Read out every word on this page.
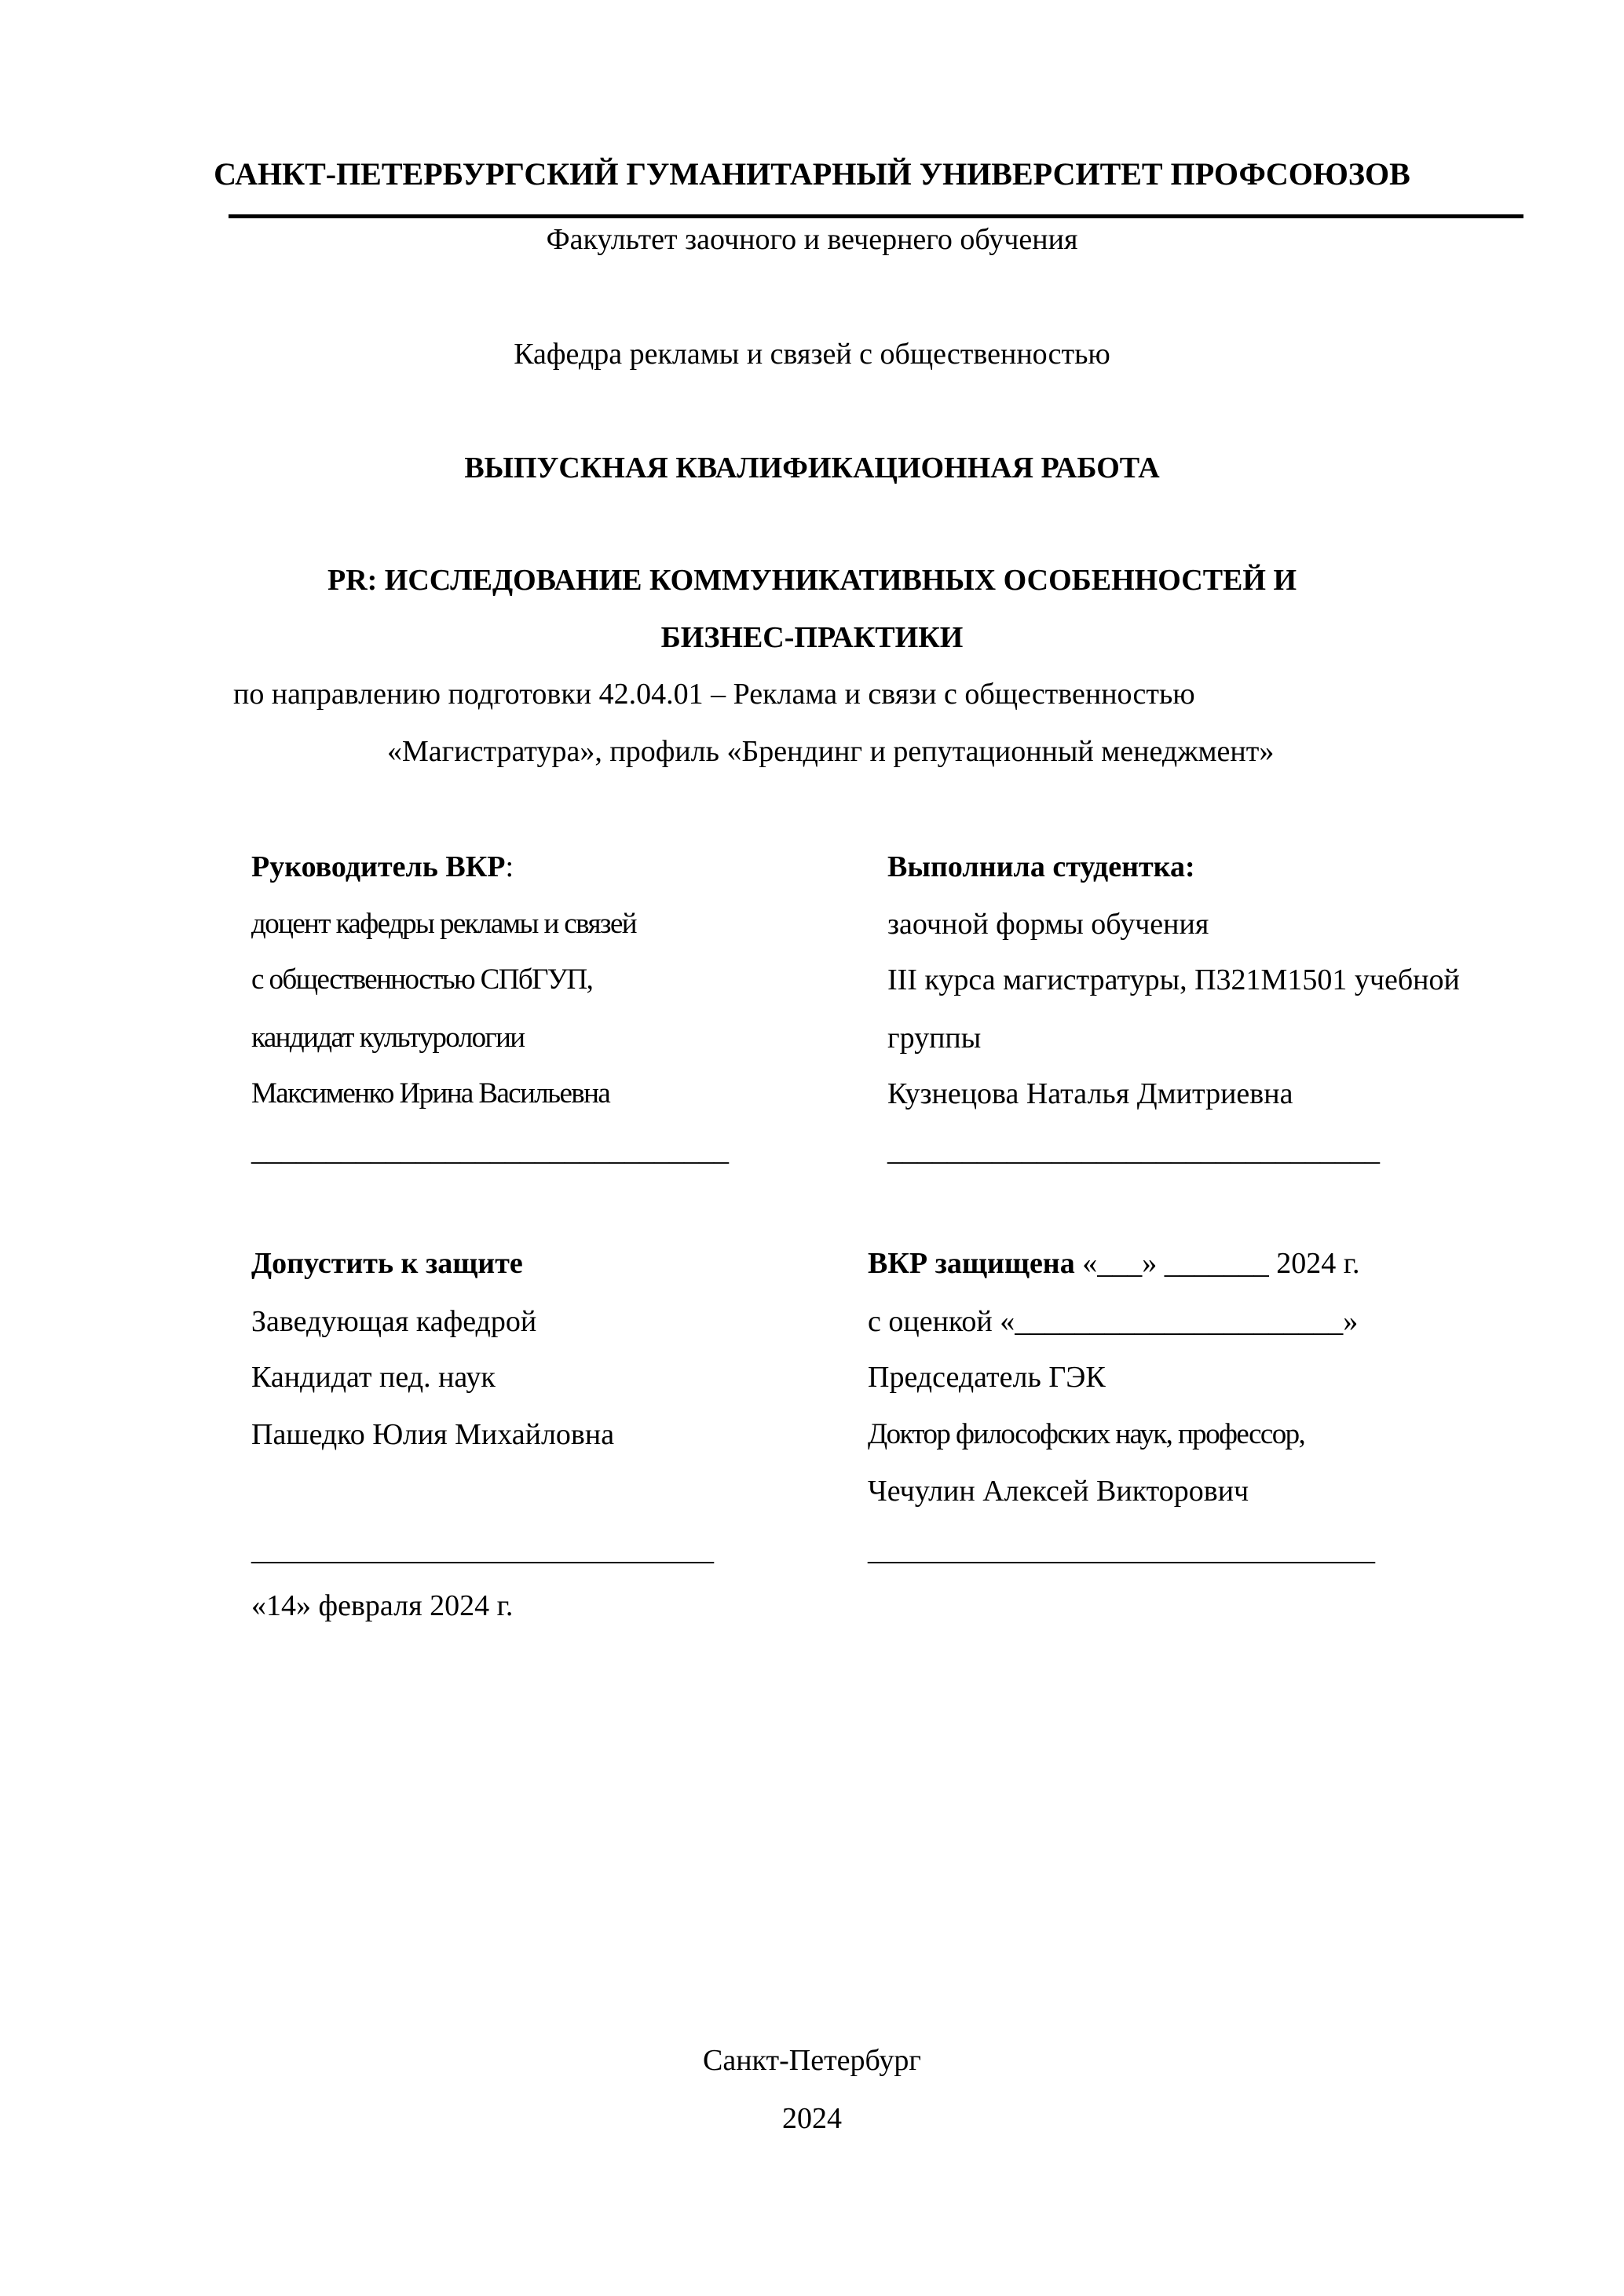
САНКТ-ПЕТЕРБУРГСКИЙ ГУМАНИТАРНЫЙ УНИВЕРСИТЕТ ПРОФСОЮЗОВ
Факультет заочного и вечернего обучения
Кафедра рекламы и связей с общественностью
ВЫПУСКНАЯ КВАЛИФИКАЦИОННАЯ РАБОТА
PR: ИССЛЕДОВАНИЕ КОММУНИКАТИВНЫХ ОСОБЕННОСТЕЙ И
БИЗНЕС-ПРАКТИКИ
по направлению подготовки 42.04.01 – Реклама и связи с общественностью
«Магистратура», профиль «Брендинг и репутационный менеджмент»
Руководитель ВКР:
доцент кафедры рекламы и связей
с общественностью СПбГУП,
кандидат культурологии
Максименко Ирина Васильевна
________________________________
Выполнила студентка:
заочной формы обучения
III курса магистратуры, П321М1501 учебной
группы
Кузнецова Наталья Дмитриевна
_________________________________
Допустить к защите
Заведующая кафедрой
Кандидат пед. наук
Пашедко Юлия Михайловна
_______________________________
«14» февраля 2024 г.
ВКР защищена «___» _______ 2024 г.
с оценкой «______________________»
Председатель ГЭК
Доктор философских наук, профессор,
Чечулин Алексей Викторович
__________________________________
Санкт-Петербург
2024
